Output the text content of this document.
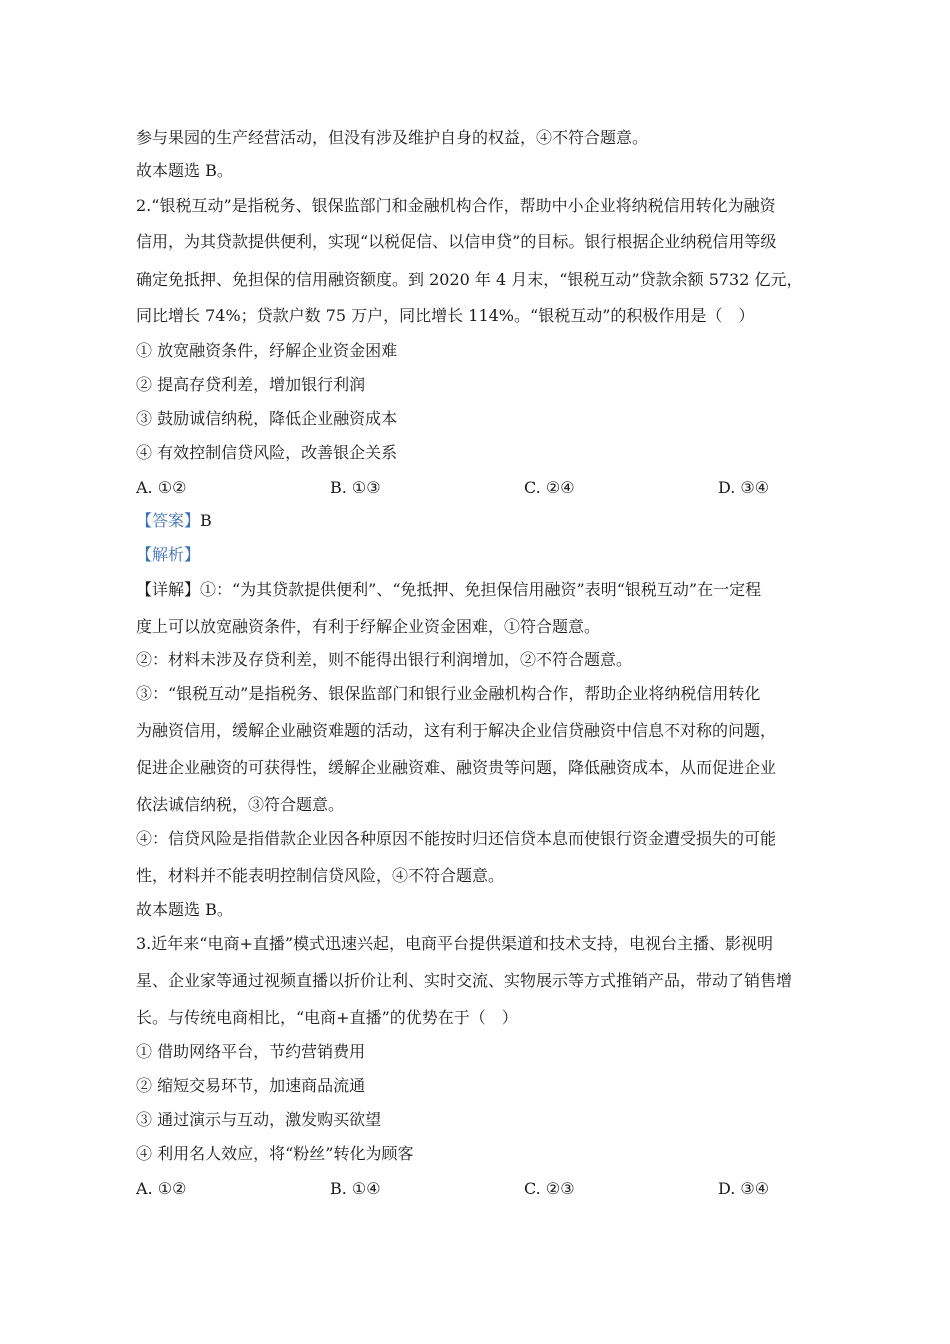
参与果园的生产经营活动，但没有涉及维护自身的权益，④不符合题意。
故本题选 B。
2.“银税互动”是指税务、银保监部门和金融机构合作，帮助中小企业将纳税信用转化为融资
信用，为其贷款提供便利，实现“以税促信、以信申贷”的目标。银行根据企业纳税信用等级
确定免抵押、免担保的信用融资额度。到 2020 年 4 月末，“银税互动”贷款余额 5732 亿元，
同比增长 74%；贷款户数 75 万户，同比增长 114%。“银税互动”的积极作用是（　）
① 放宽融资条件，纾解企业资金困难
② 提高存贷利差，增加银行利润
③ 鼓励诚信纳税，降低企业融资成本
④ 有效控制信贷风险，改善银企关系
A. ①②	B. ①③	C. ②④	D. ③④
【答案】B
【解析】
【详解】①：“为其贷款提供便利”、“免抵押、免担保信用融资”表明“银税互动”在一定程
度上可以放宽融资条件，有利于纾解企业资金困难，①符合题意。
②：材料未涉及存贷利差，则不能得出银行利润增加，②不符合题意。
③：“银税互动”是指税务、银保监部门和银行业金融机构合作，帮助企业将纳税信用转化
为融资信用，缓解企业融资难题的活动，这有利于解决企业信贷融资中信息不对称的问题，
促进企业融资的可获得性，缓解企业融资难、融资贵等问题，降低融资成本，从而促进企业
依法诚信纳税，③符合题意。
④：信贷风险是指借款企业因各种原因不能按时归还信贷本息而使银行资金遭受损失的可能
性，材料并不能表明控制信贷风险，④不符合题意。
故本题选 B。
3.近年来“电商+直播”模式迅速兴起，电商平台提供渠道和技术支持，电视台主播、影视明
星、企业家等通过视频直播以折价让利、实时交流、实物展示等方式推销产品，带动了销售增
长。与传统电商相比，“电商+直播”的优势在于（　）
① 借助网络平台，节约营销费用
② 缩短交易环节，加速商品流通
③ 通过演示与互动，激发购买欲望
④ 利用名人效应，将“粉丝”转化为顾客
A. ①②	B. ①④	C. ②③	D. ③④
